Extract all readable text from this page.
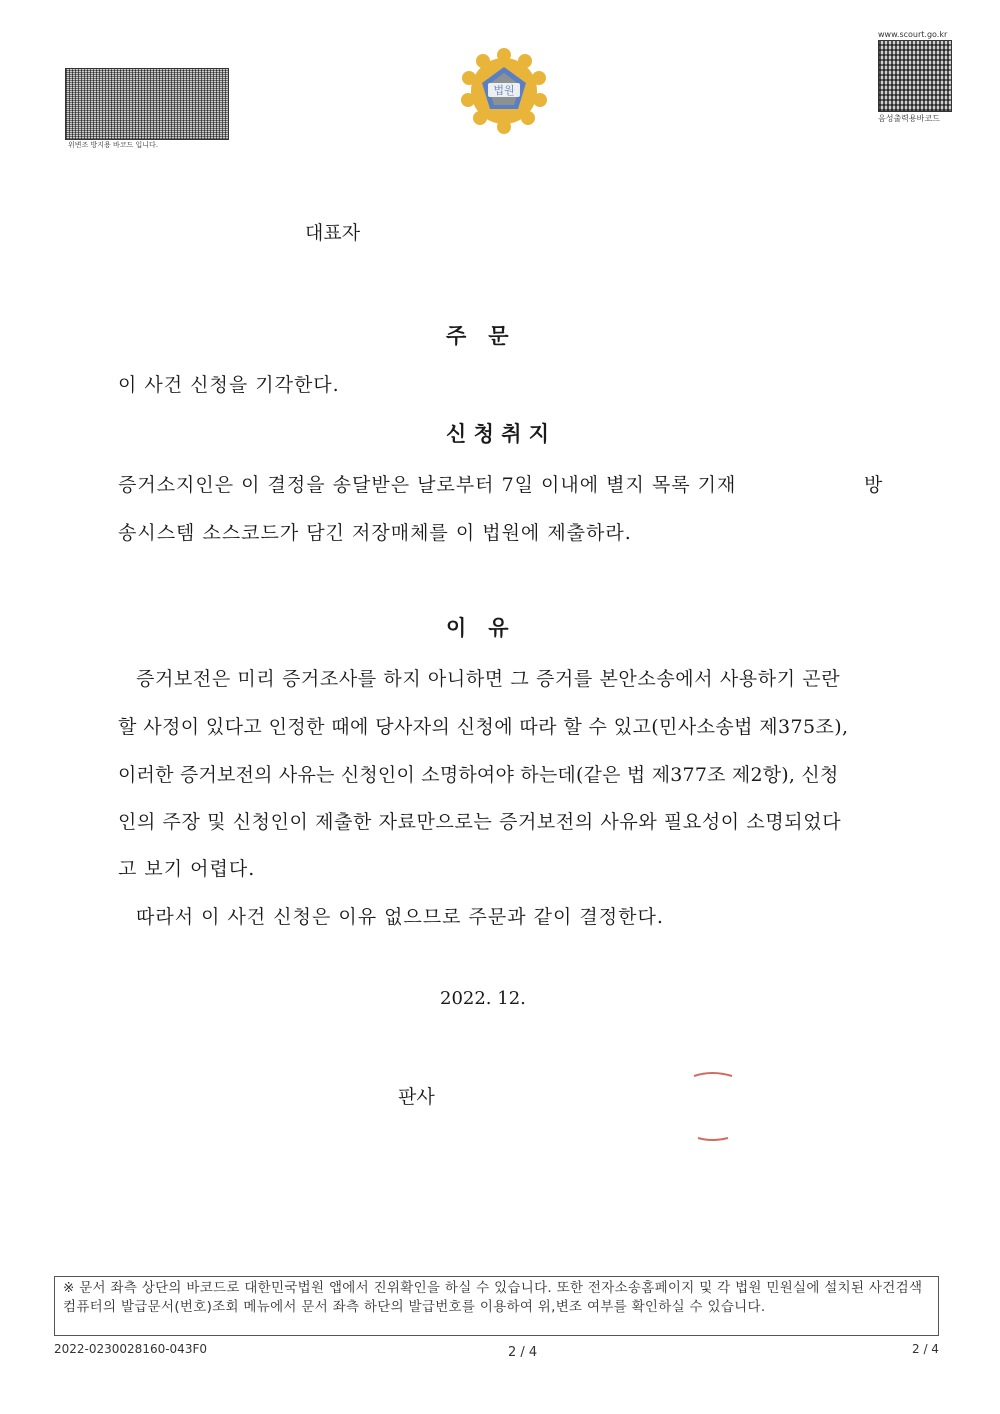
위변조 방지용 바코드 입니다.
www.scourt.go.kr
음성출력용바코드
법원
대표자
주   문
이 사건 신청을 기각한다.
신 청 취 지
증거소지인은 이 결정을 송달받은 날로부터 7일 이내에 별지 목록 기재	방
송시스템 소스코드가 담긴 저장매체를 이 법원에 제출하라.
이   유
증거보전은 미리 증거조사를 하지 아니하면 그 증거를 본안소송에서 사용하기 곤란
할 사정이 있다고 인정한 때에 당사자의 신청에 따라 할 수 있고(민사소송법 제375조),
이러한 증거보전의 사유는 신청인이 소명하여야 하는데(같은 법 제377조 제2항), 신청
인의 주장 및 신청인이 제출한 자료만으로는 증거보전의 사유와 필요성이 소명되었다
고 보기 어렵다.
따라서 이 사건 신청은 이유 없으므로 주문과 같이 결정한다.
2022. 12.
판사
※ 문서 좌측 상단의 바코드로 대한민국법원 앱에서 진위확인을 하실 수 있습니다. 또한 전자소송홈페이지 및 각 법원 민원실에 설치된 사건검색 컴퓨터의 발급문서(번호)조회 메뉴에서 문서 좌측 하단의 발급번호를 이용하여 위,변조 여부를 확인하실 수 있습니다.
2022-0230028160-043F0	2 / 4	2 / 4
